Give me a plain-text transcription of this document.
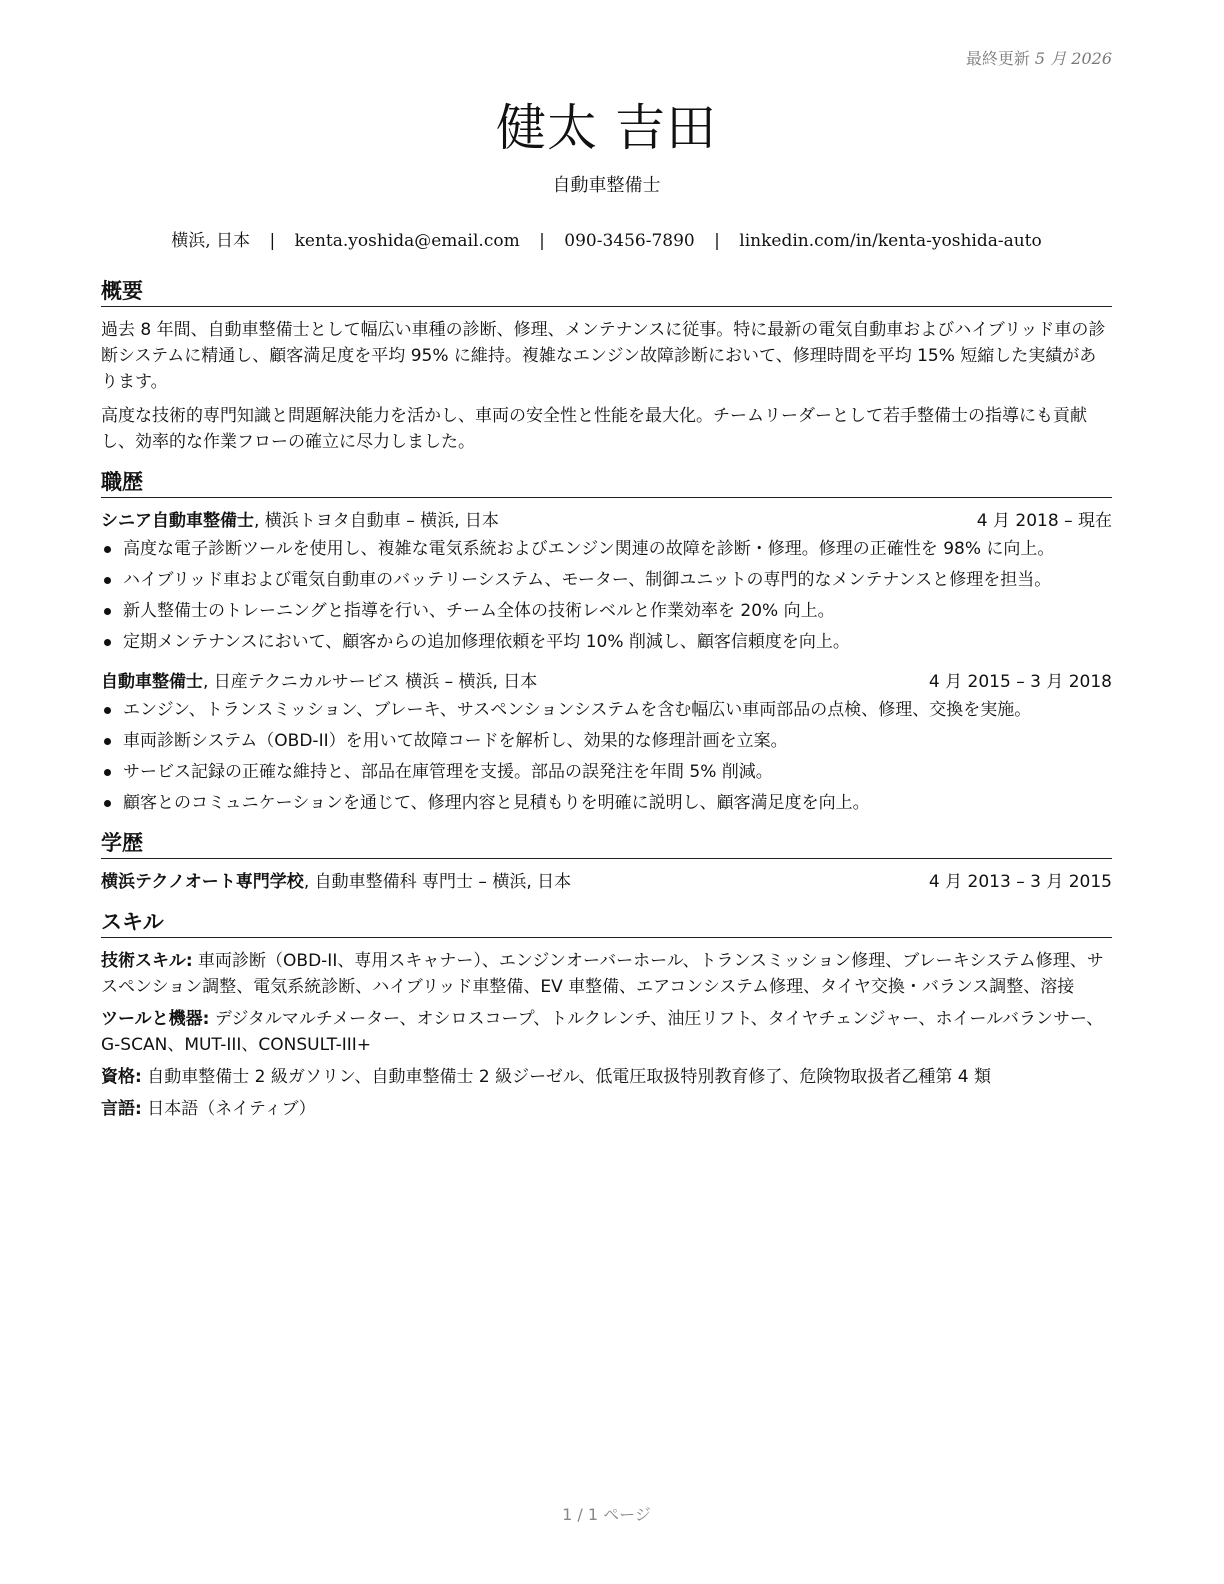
最終更新 5 月 2026
健太 吉田
自動車整備士
横浜, 日本 | kenta.yoshida@email.com | 090-3456-7890 | linkedin.com/in/kenta-yoshida-auto
概要

過去 8 年間、自動車整備士として幅広い車種の診断、修理、メンテナンスに従事。特に最新の電気自動車およびハイブリッド車の診断システムに精通し、顧客満足度を平均 95% に維持。複雑なエンジン故障診断において、修理時間を平均 15% 短縮した実績があります。

高度な技術的専門知識と問題解決能力を活かし、車両の安全性と性能を最大化。チームリーダーとして若手整備士の指導にも貢献し、効率的な作業フローの確立に尽力しました。

職歴
シニア自動車整備士, 横浜トヨタ自動車 – 横浜, 日本	4 月 2018 – 現在
高度な電子診断ツールを使用し、複雑な電気系統およびエンジン関連の故障を診断・修理。修理の正確性を 98% に向上。
ハイブリッド車および電気自動車のバッテリーシステム、モーター、制御ユニットの専門的なメンテナンスと修理を担当。
新人整備士のトレーニングと指導を行い、チーム全体の技術レベルと作業効率を 20% 向上。
定期メンテナンスにおいて、顧客からの追加修理依頼を平均 10% 削減し、顧客信頼度を向上。
自動車整備士, 日産テクニカルサービス 横浜 – 横浜, 日本	4 月 2015 – 3 月 2018
エンジン、トランスミッション、ブレーキ、サスペンションシステムを含む幅広い車両部品の点検、修理、交換を実施。
車両診断システム（OBD-II）を用いて故障コードを解析し、効果的な修理計画を立案。
サービス記録の正確な維持と、部品在庫管理を支援。部品の誤発注を年間 5% 削減。
顧客とのコミュニケーションを通じて、修理内容と見積もりを明確に説明し、顧客満足度を向上。
学歴
横浜テクノオート専門学校, 自動車整備科 専門士 – 横浜, 日本	4 月 2013 – 3 月 2015
スキル

技術スキル: 車両診断（OBD-II、専用スキャナー）、エンジンオーバーホール、トランスミッション修理、ブレーキシステム修理、サスペンション調整、電気系統診断、ハイブリッド車整備、EV 車整備、エアコンシステム修理、タイヤ交換・バランス調整、溶接

ツールと機器: デジタルマルチメーター、オシロスコープ、トルクレンチ、油圧リフト、タイヤチェンジャー、ホイールバランサー、G-SCAN、MUT-III、CONSULT-III+

資格: 自動車整備士 2 級ガソリン、自動車整備士 2 級ジーゼル、低電圧取扱特別教育修了、危険物取扱者乙種第 4 類

言語: 日本語（ネイティブ）

1 / 1 ページ
